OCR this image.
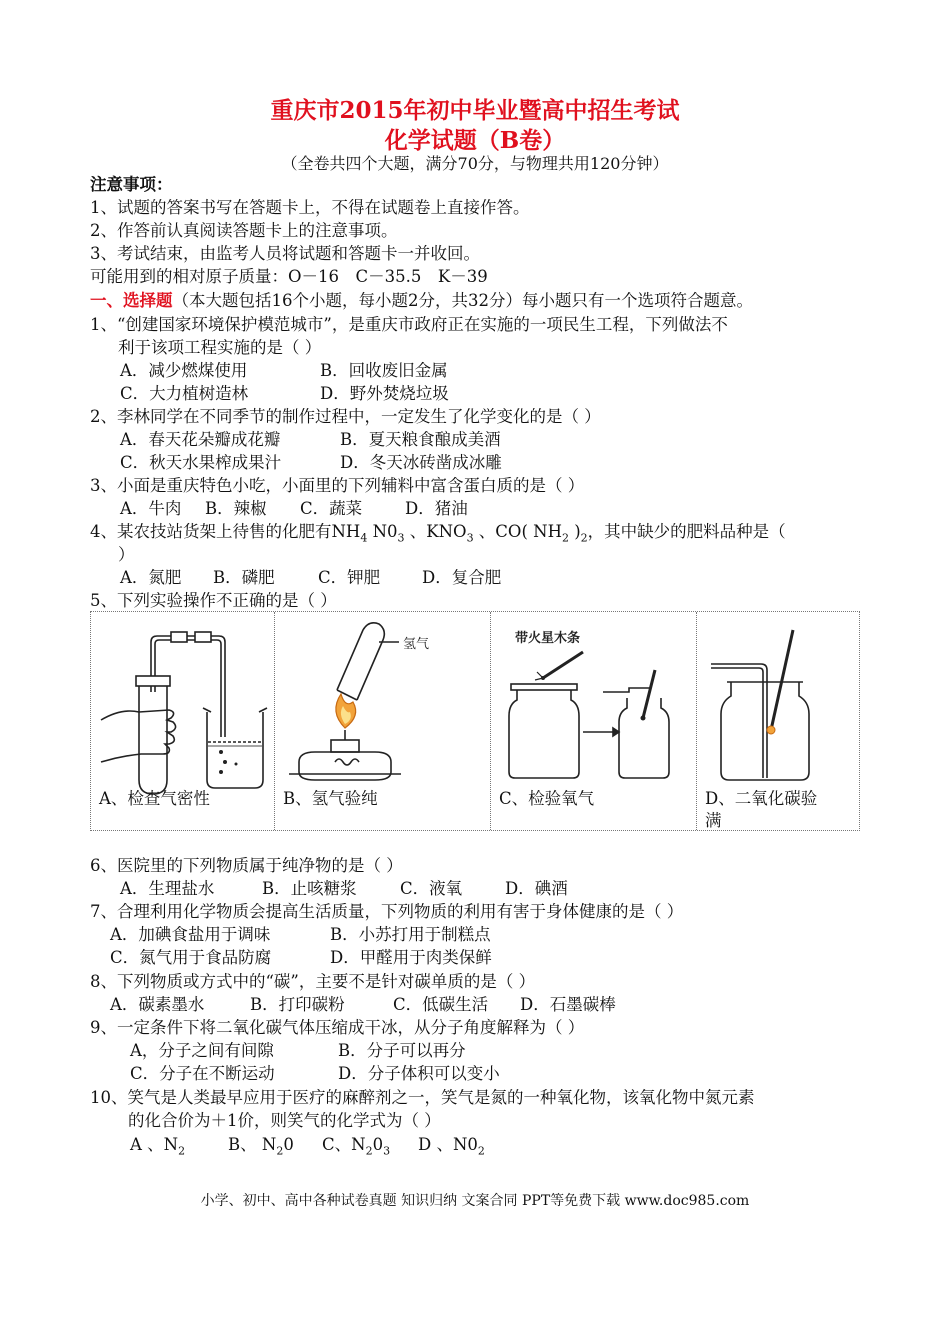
重庆市2015年初中毕业暨高中招生考试
化学试题（B卷）
（全卷共四个大题，满分70分，与物理共用120分钟）
注意事项：
1、试题的答案书写在答题卡上，不得在试题卷上直接作答。
2、作答前认真阅读答题卡上的注意事项。
3、考试结束，由监考人员将试题和答题卡一并收回。
可能用到的相对原子质量：O－16　C－35.5　K－39
一、选择题（本大题包括16个小题，每小题2分，共32分）每小题只有一个选项符合题意。
1、“创建国家环境保护模范城市”，是重庆市政府正在实施的一项民生工程，下列做法不
利于该项工程实施的是（ ）
A．减少燃煤使用	B．回收废旧金属
C．大力植树造林	D．野外焚烧垃圾
2、李林同学在不同季节的制作过程中，一定发生了化学变化的是（ ）
A．春天花朵瓣成花瓣	B．夏天粮食酿成美酒
C．秋天水果榨成果汁	D．冬天冰砖凿成冰雕
3、小面是重庆特色小吃，小面里的下列辅料中富含蛋白质的是（ ）
A．牛肉 B．辣椒 C．蔬菜	D．猪油
4、某农技站货架上待售的化肥有$NH_4$ $N0_3$ 、$KNO_3$ 、CO( $NH_2$ )$_2$，其中缺少的肥料品种是（
）
A．氮肥 B．磷肥	C．钾肥	D．复合肥
5、下列实验操作不正确的是（ ）
A、检查气密性
氢气
B、氢气验纯
带火星木条
C、检验氧气	D、二氧化碳验
满
6、医院里的下列物质属于纯净物的是（ ）
A．生理盐水	B．止咳糖浆	C．液氧	D．碘酒
7、合理利用化学物质会提高生活质量，下列物质的利用有害于身体健康的是（ ）
A．加碘食盐用于调味	B．小苏打用于制糕点
C．氮气用于食品防腐	D．甲醛用于肉类保鲜
8、下列物质或方式中的“碳”，主要不是针对碳单质的是（ ）
A．碳素墨水	B．打印碳粉	C．低碳生活 D．石墨碳棒
9、一定条件下将二氧化碳气体压缩成干冰，从分子角度解释为（ ）
A，分子之间有间隙	B．分子可以再分
C．分子在不断运动	D．分子体积可以变小
10、笑气是人类最早应用于医疗的麻醉剂之一，笑气是氮的一种氧化物，该氧化物中氮元素
的化合价为＋1价，则笑气的化学式为（ ）
A 、$N_2$	B、 $N_20$ C、$N_20_3$ D 、$N0_2$
小学、初中、高中各种试卷真题 知识归纳 文案合同 PPT等免费下载 www.doc985.com
